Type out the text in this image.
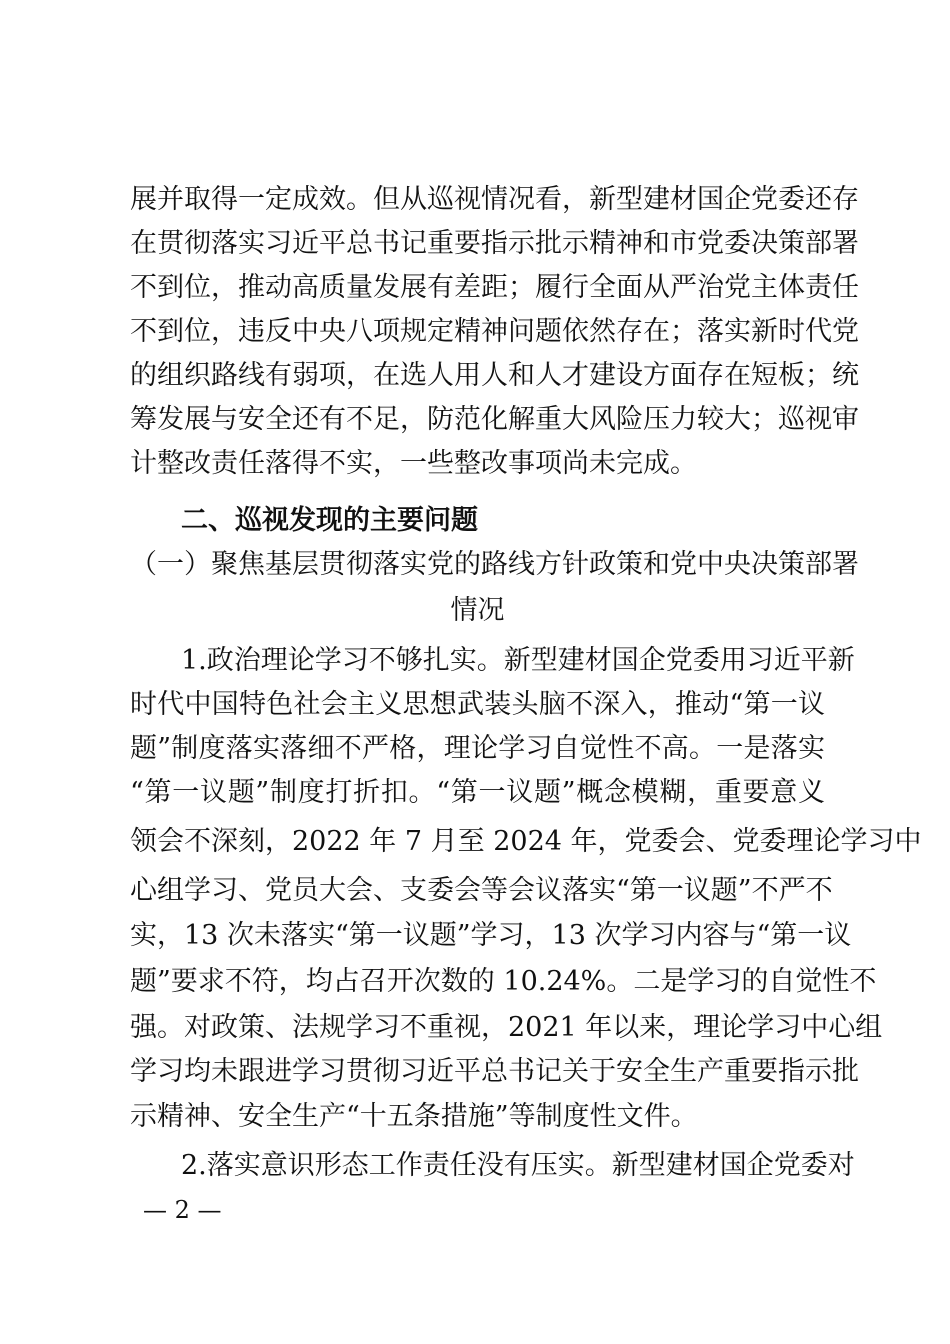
展并取得一定成效。但从巡视情况看，新型建材国企党委还存
在贯彻落实习近平总书记重要指示批示精神和市党委决策部署
不到位，推动高质量发展有差距；履行全面从严治党主体责任
不到位，违反中央八项规定精神问题依然存在；落实新时代党
的组织路线有弱项，在选人用人和人才建设方面存在短板；统
筹发展与安全还有不足，防范化解重大风险压力较大；巡视审
计整改责任落得不实，一些整改事项尚未完成。
二、巡视发现的主要问题
（一）聚焦基层贯彻落实党的路线方针政策和党中央决策部署
情况
1.政治理论学习不够扎实。新型建材国企党委用习近平新
时代中国特色社会主义思想武装头脑不深入，推动“第一议
题”制度落实落细不严格，理论学习自觉性不高。一是落实
“第一议题”制度打折扣。“第一议题”概念模糊，重要意义
领会不深刻，2022 年 7 月至 2024 年，党委会、党委理论学习中
心组学习、党员大会、支委会等会议落实“第一议题”不严不
实，13 次未落实“第一议题”学习，13 次学习内容与“第一议
题”要求不符，均占召开次数的 10.24%。二是学习的自觉性不
强。对政策、法规学习不重视，2021 年以来，理论学习中心组
学习均未跟进学习贯彻习近平总书记关于安全生产重要指示批
示精神、安全生产“十五条措施”等制度性文件。
2.落实意识形态工作责任没有压实。新型建材国企党委对
— 2 —
